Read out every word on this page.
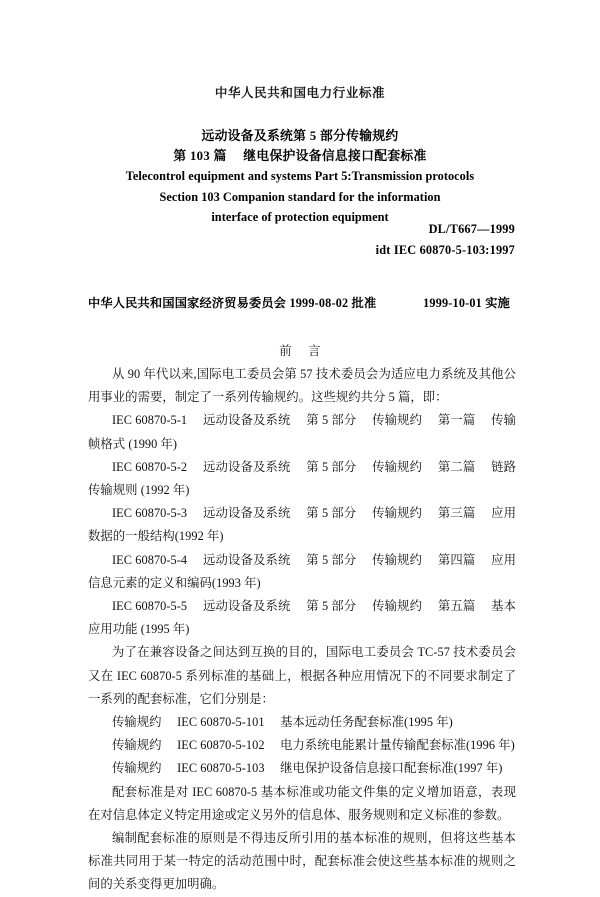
中华人民共和国电力行业标准
远动设备及系统第 5 部分传输规约
第 103 篇　 继电保护设备信息接口配套标准
Telecontrol equipment and systems Part 5:Transmission protocols
Section 103 Companion standard for the information
interface of protection equipment
DL/T667—1999
idt IEC 60870-5-103:1997
中华人民共和国国家经济贸易委员会 1999-08-02 批准	1999-10-01 实施
前 言

从 90 年代以来,国际电工委员会第 57 技术委员会为适应电力系统及其他公用事业的需要，制定了一系列传输规约。这些规约共分 5 篇，即：

IEC 60870-5-1　 远动设备及系统　 第 5 部分　 传输规约　 第一篇　 传输帧格式 (1990 年)

IEC 60870-5-2　 远动设备及系统　 第 5 部分　 传输规约　 第二篇　 链路传输规则 (1992 年)

IEC 60870-5-3　 远动设备及系统　 第 5 部分　 传输规约　 第三篇　 应用数据的一般结构(1992 年)

IEC 60870-5-4　 远动设备及系统　 第 5 部分　 传输规约　 第四篇　 应用信息元素的定义和编码(1993 年)

IEC 60870-5-5　 远动设备及系统　 第 5 部分　 传输规约　 第五篇　 基本应用功能 (1995 年)

为了在兼容设备之间达到互换的目的，国际电工委员会 TC-57 技术委员会又在 IEC 60870-5 系列标准的基础上，根据各种应用情况下的不同要求制定了一系列的配套标准，它们分别是：

传输规约　 IEC 60870-5-101　 基本远动任务配套标准(1995 年)

传输规约　 IEC 60870-5-102　 电力系统电能累计量传输配套标准(1996 年)

传输规约　 IEC 60870-5-103　 继电保护设备信息接口配套标准(1997 年)

配套标准是对 IEC 60870-5 基本标准或功能文件集的定义增加语意，表现在对信息体定义特定用途或定义另外的信息体、服务规则和定义标准的参数。

编制配套标准的原则是不得违反所引用的基本标准的规则，但将这些基本标准共同用于某一特定的活动范围中时，配套标准会使这些基本标准的规则之间的关系变得更加明确。
